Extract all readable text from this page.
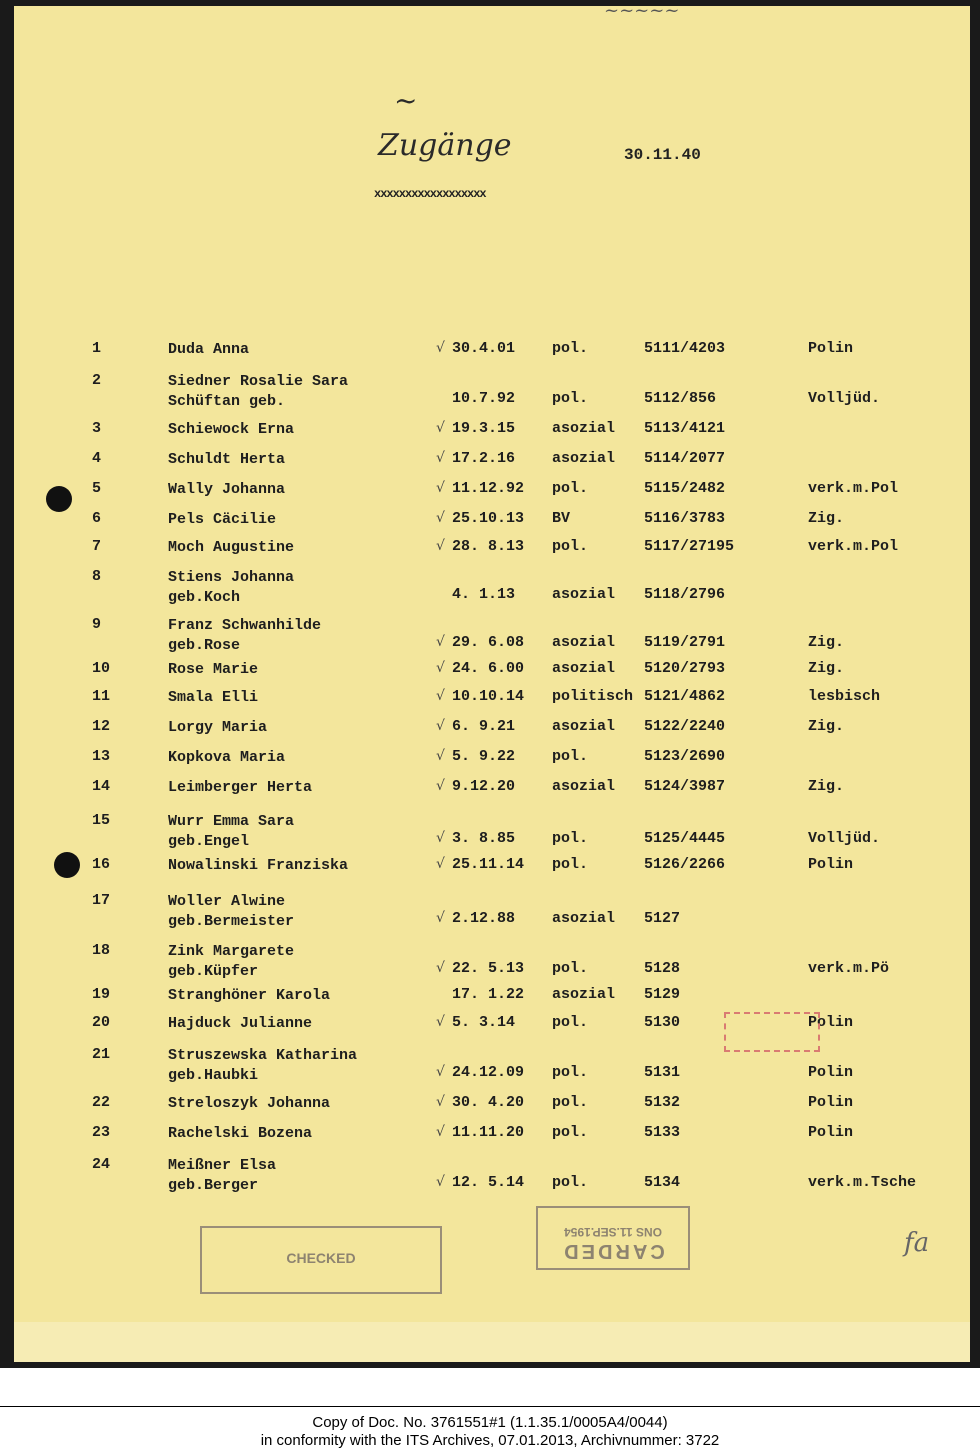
~~~~~
~
Zugänge	30.11.40
xxxxxxxxxxxxxxxxxx
1	Duda Anna	√ 30.4.01 pol.	5111/4203	Polin
2	Siedner Rosalie Sara
Schüftan geb.	10.7.92 pol.	5112/856	Volljüd.
3	Schiewock Erna	√ 19.3.15 asozial 5113/4121
4	Schuldt Herta	√ 17.2.16 asozial 5114/2077
5	Wally Johanna	√ 11.12.92 pol.	5115/2482	verk.m.Pol
6	Pels Cäcilie	√ 25.10.13 BV	5116/3783	Zig.
7	Moch Augustine	√ 28. 8.13 pol.	5117/27195	verk.m.Pol
8	Stiens Johanna
geb.Koch	4. 1.13 asozial 5118/2796
9	Franz Schwanhilde
geb.Rose	√ 29. 6.08 asozial 5119/2791	Zig.
10	Rose Marie	√ 24. 6.00 asozial 5120/2793	Zig.
11	Smala Elli	√ 10.10.14 politisch 5121/4862	lesbisch
12	Lorgy Maria	√ 6. 9.21 asozial 5122/2240	Zig.
13	Kopkova Maria	√ 5. 9.22 pol.	5123/2690
14	Leimberger Herta	√ 9.12.20 asozial 5124/3987	Zig.
15	Wurr Emma Sara
geb.Engel	√ 3. 8.85 pol.	5125/4445	Volljüd.
16	Nowalinski Franziska	√ 25.11.14 pol.	5126/2266	Polin
17	Woller Alwine
geb.Bermeister	√ 2.12.88 asozial 5127
18	Zink Margarete
geb.Küpfer	√ 22. 5.13 pol.	5128	verk.m.Pö
19	Stranghöner Karola	17. 1.22 asozial 5129
20	Hajduck Julianne	√ 5. 3.14 pol.	5130	Polin
21	Struszewska Katharina
geb.Haubki	√ 24.12.09 pol.	5131	Polin
22	Streloszyk Johanna	√ 30. 4.20 pol.	5132	Polin
23	Rachelski Bozena	√ 11.11.20 pol.	5133	Polin
24	Meißner Elsa
geb.Berger	√ 12. 5.14 pol.	5134	verk.m.Tsche
CHECKED	CARDED
ONS 11.SEP.1954	fa
Copy of Doc. No. 3761551#1 (1.1.35.1/0005A4/0044)
in conformity with the ITS Archives, 07.01.2013, Archivnummer: 3722
